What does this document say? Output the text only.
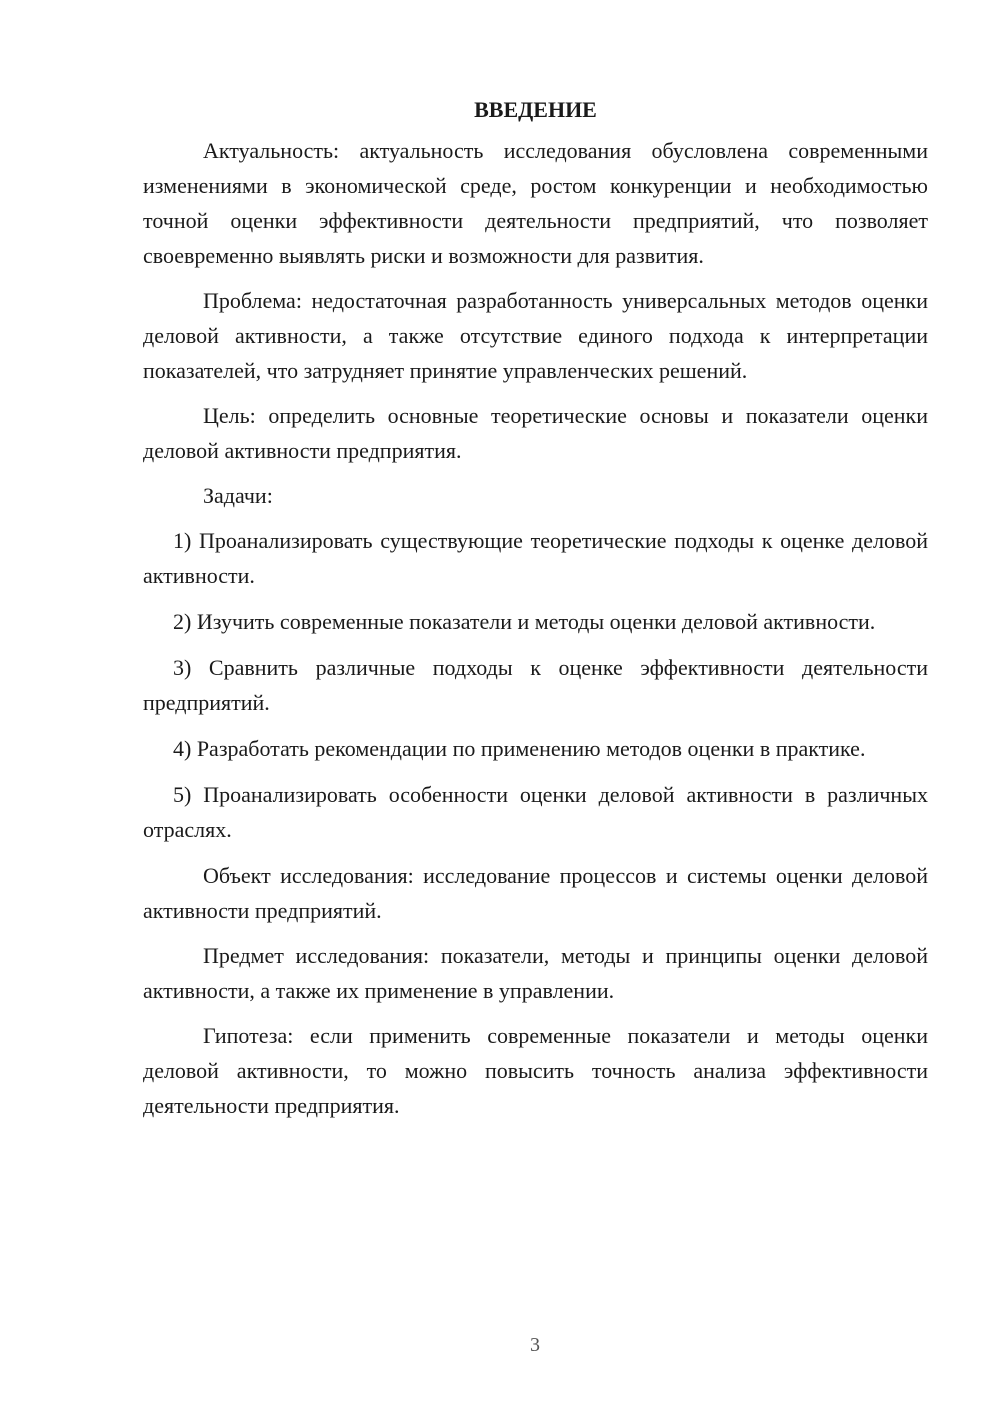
ВВЕДЕНИЕ

Актуальность: актуальность исследования обусловлена современными изменениями в экономической среде, ростом конкуренции и необходимостью точной оценки эффективности деятельности предприятий, что позволяет своевременно выявлять риски и возможности для развития.

Проблема: недостаточная разработанность универсальных методов оценки деловой активности, а также отсутствие единого подхода к интерпретации показателей, что затрудняет принятие управленческих решений.

Цель: определить основные теоретические основы и показатели оценки деловой активности предприятия.

Задачи:

1) Проанализировать существующие теоретические подходы к оценке деловой активности.

2) Изучить современные показатели и методы оценки деловой активности.

3) Сравнить различные подходы к оценке эффективности деятельности предприятий.

4) Разработать рекомендации по применению методов оценки в практике.

5) Проанализировать особенности оценки деловой активности в различных отраслях.

Объект исследования: исследование процессов и системы оценки деловой активности предприятий.

Предмет исследования: показатели, методы и принципы оценки деловой активности, а также их применение в управлении.

Гипотеза: если применить современные показатели и методы оценки деловой активности, то можно повысить точность анализа эффективности деятельности предприятия.

3
